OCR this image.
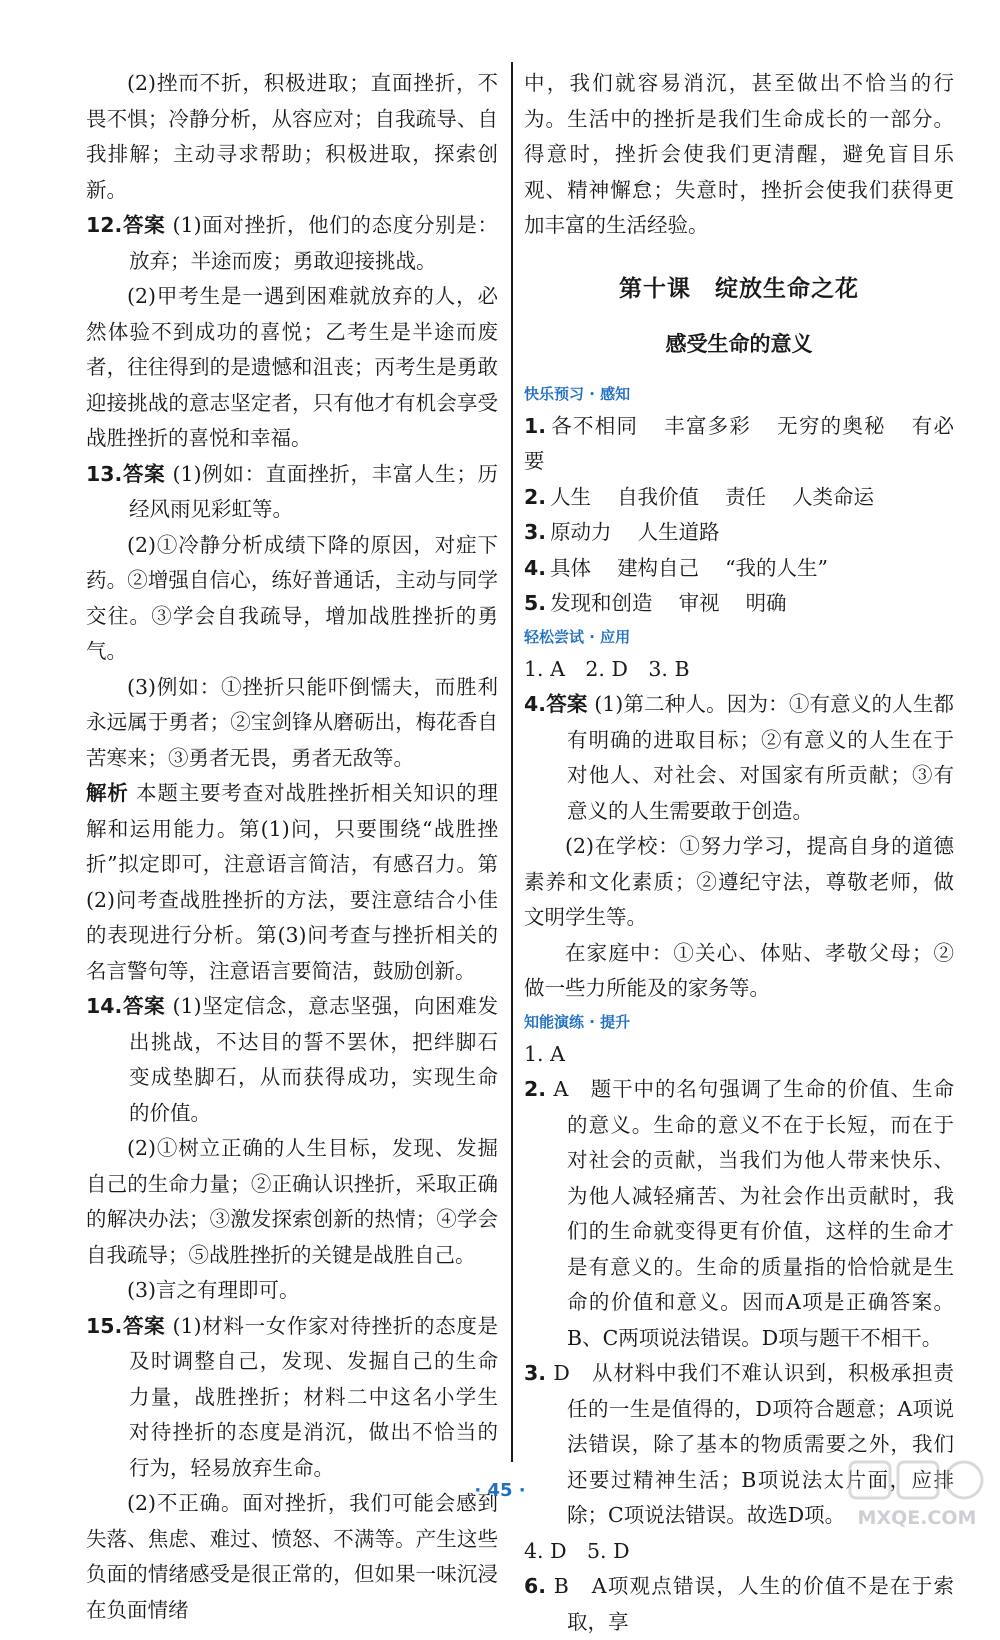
(2)挫而不折，积极进取；直面挫折，不畏不惧；冷静分析，从容应对；自我疏导、自我排解；主动寻求帮助；积极进取，探索创新。

12.答案 (1)面对挫折，他们的态度分别是：放弃；半途而废；勇敢迎接挑战。

(2)甲考生是一遇到困难就放弃的人，必然体验不到成功的喜悦；乙考生是半途而废者，往往得到的是遗憾和沮丧；丙考生是勇敢迎接挑战的意志坚定者，只有他才有机会享受战胜挫折的喜悦和幸福。

13.答案 (1)例如：直面挫折，丰富人生；历经风雨见彩虹等。

(2)①冷静分析成绩下降的原因，对症下药。②增强自信心，练好普通话，主动与同学交往。③学会自我疏导，增加战胜挫折的勇气。

(3)例如：①挫折只能吓倒懦夫，而胜利永远属于勇者；②宝剑锋从磨砺出，梅花香自苦寒来；③勇者无畏，勇者无敌等。

解析 本题主要考查对战胜挫折相关知识的理解和运用能力。第(1)问，只要围绕“战胜挫折”拟定即可，注意语言简洁，有感召力。第(2)问考查战胜挫折的方法，要注意结合小佳的表现进行分析。第(3)问考查与挫折相关的名言警句等，注意语言要简洁，鼓励创新。

14.答案 (1)坚定信念，意志坚强，向困难发出挑战，不达目的誓不罢休，把绊脚石变成垫脚石，从而获得成功，实现生命的价值。

(2)①树立正确的人生目标，发现、发掘自己的生命力量；②正确认识挫折，采取正确的解决办法；③激发探索创新的热情；④学会自我疏导；⑤战胜挫折的关键是战胜自己。

(3)言之有理即可。

15.答案 (1)材料一女作家对待挫折的态度是及时调整自己，发现、发掘自己的生命力量，战胜挫折；材料二中这名小学生对待挫折的态度是消沉，做出不恰当的行为，轻易放弃生命。

(2)不正确。面对挫折，我们可能会感到失落、焦虑、难过、愤怒、不满等。产生这些负面的情绪感受是很正常的，但如果一味沉浸在负面情绪

中，我们就容易消沉，甚至做出不恰当的行为。生活中的挫折是我们生命成长的一部分。得意时，挫折会使我们更清醒，避免盲目乐观、精神懈怠；失意时，挫折会使我们获得更加丰富的生活经验。

第十课　绽放生命之花
感受生命的意义
快乐预习 · 感知

1. 各不相同 丰富多彩 无穷的奥秘 有必要

2. 人生 自我价值 责任 人类命运

3. 原动力 人生道路

4. 具体 建构自己 “我的人生”

5. 发现和创造 审视 明确

轻松尝试 · 应用

1. A　2. D　3. B

4.答案 (1)第二种人。因为：①有意义的人生都有明确的进取目标；②有意义的人生在于对他人、对社会、对国家有所贡献；③有意义的人生需要敢于创造。

(2)在学校：①努力学习，提高自身的道德素养和文化素质；②遵纪守法，尊敬老师，做文明学生等。

在家庭中：①关心、体贴、孝敬父母；②做一些力所能及的家务等。

知能演练 · 提升

1. A

2. A　题干中的名句强调了生命的价值、生命的意义。生命的意义不在于长短，而在于对社会的贡献，当我们为他人带来快乐、为他人减轻痛苦、为社会作出贡献时，我们的生命就变得更有价值，这样的生命才是有意义的。生命的质量指的恰恰就是生命的价值和意义。因而A项是正确答案。B、C两项说法错误。D项与题干不相干。

3. D　从材料中我们不难认识到，积极承担责任的一生是值得的，D项符合题意；A项说法错误，除了基本的物质需要之外，我们还要过精神生活；B项说法太片面，应排除；C项说法错误。故选D项。

4. D　5. D

6. B　A项观点错误，人生的价值不是在于索取，享

· 45 ·
MXQE.COM
